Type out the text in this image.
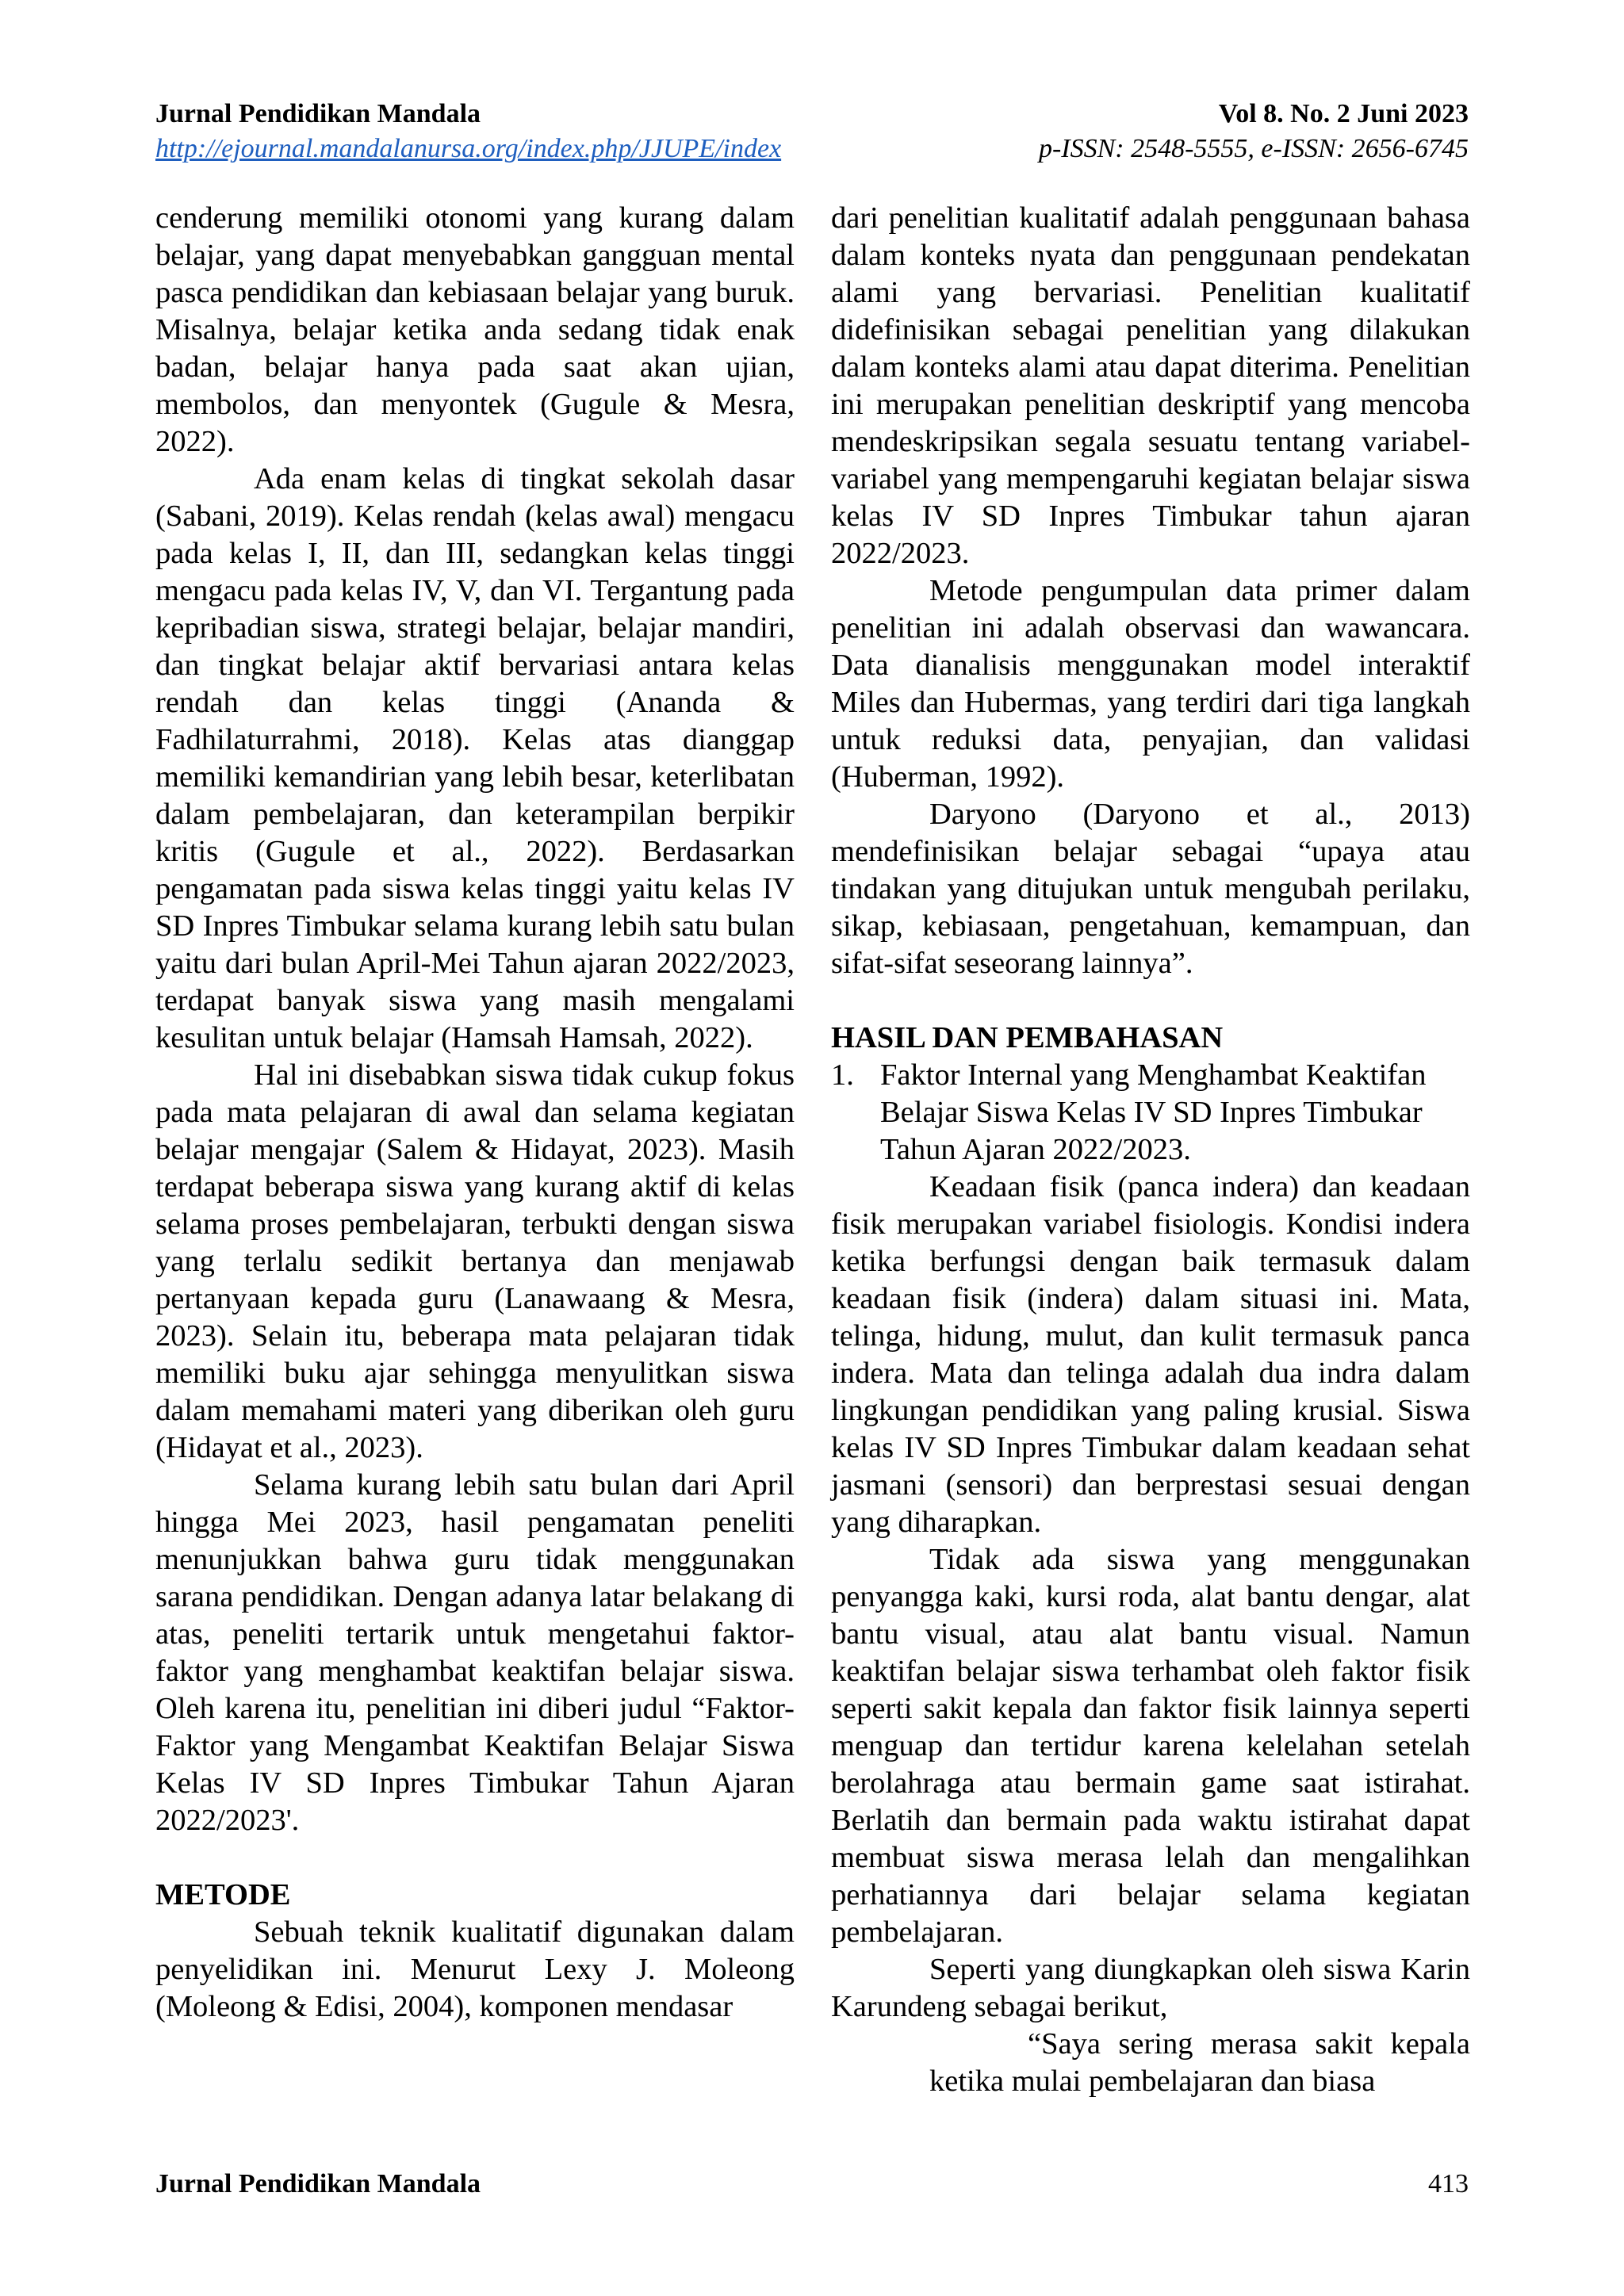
Jurnal Pendidikan Mandala	Vol 8. No. 2 Juni 2023
http://ejournal.mandalanursa.org/index.php/JJUPE/index	p-ISSN: 2548-5555, e-ISSN: 2656-6745

cenderung memiliki otonomi yang kurang dalam belajar, yang dapat menyebabkan gangguan mental pasca pendidikan dan kebiasaan belajar yang buruk. Misalnya, belajar ketika anda sedang tidak enak badan, belajar hanya pada saat akan ujian, membolos, dan menyontek (Gugule & Mesra, 2022).

Ada enam kelas di tingkat sekolah dasar (Sabani, 2019). Kelas rendah (kelas awal) mengacu pada kelas I, II, dan III, sedangkan kelas tinggi mengacu pada kelas IV, V, dan VI. Tergantung pada kepribadian siswa, strategi belajar, belajar mandiri, dan tingkat belajar aktif bervariasi antara kelas rendah dan kelas tinggi (Ananda & Fadhilaturrahmi, 2018). Kelas atas dianggap memiliki kemandirian yang lebih besar, keterlibatan dalam pembelajaran, dan keterampilan berpikir kritis (Gugule et al., 2022). Berdasarkan pengamatan pada siswa kelas tinggi yaitu kelas IV SD Inpres Timbukar selama kurang lebih satu bulan yaitu dari bulan April-Mei Tahun ajaran 2022/2023, terdapat banyak siswa yang masih mengalami kesulitan untuk belajar (Hamsah Hamsah, 2022).

Hal ini disebabkan siswa tidak cukup fokus pada mata pelajaran di awal dan selama kegiatan belajar mengajar (Salem & Hidayat, 2023). Masih terdapat beberapa siswa yang kurang aktif di kelas selama proses pembelajaran, terbukti dengan siswa yang terlalu sedikit bertanya dan menjawab pertanyaan kepada guru (Lanawaang & Mesra, 2023). Selain itu, beberapa mata pelajaran tidak memiliki buku ajar sehingga menyulitkan siswa dalam memahami materi yang diberikan oleh guru (Hidayat et al., 2023).

Selama kurang lebih satu bulan dari April hingga Mei 2023, hasil pengamatan peneliti menunjukkan bahwa guru tidak menggunakan sarana pendidikan. Dengan adanya latar belakang di atas, peneliti tertarik untuk mengetahui faktor-faktor yang menghambat keaktifan belajar siswa. Oleh karena itu, penelitian ini diberi judul “Faktor-Faktor yang Mengambat Keaktifan Belajar Siswa Kelas IV SD Inpres Timbukar Tahun Ajaran 2022/2023'.

METODE

Sebuah teknik kualitatif digunakan dalam penyelidikan ini. Menurut Lexy J. Moleong (Moleong & Edisi, 2004), komponen mendasar

dari penelitian kualitatif adalah penggunaan bahasa dalam konteks nyata dan penggunaan pendekatan alami yang bervariasi. Penelitian kualitatif didefinisikan sebagai penelitian yang dilakukan dalam konteks alami atau dapat diterima. Penelitian ini merupakan penelitian deskriptif yang mencoba mendeskripsikan segala sesuatu tentang variabel-variabel yang mempengaruhi kegiatan belajar siswa kelas IV SD Inpres Timbukar tahun ajaran 2022/2023.

Metode pengumpulan data primer dalam penelitian ini adalah observasi dan wawancara. Data dianalisis menggunakan model interaktif Miles dan Hubermas, yang terdiri dari tiga langkah untuk reduksi data, penyajian, dan validasi (Huberman, 1992).

Daryono (Daryono et al., 2013) mendefinisikan belajar sebagai “upaya atau tindakan yang ditujukan untuk mengubah perilaku, sikap, kebiasaan, pengetahuan, kemampuan, dan sifat-sifat seseorang lainnya”.

HASIL DAN PEMBAHASAN

1. Faktor Internal yang Menghambat Keaktifan Belajar Siswa Kelas IV SD Inpres Timbukar Tahun Ajaran 2022/2023.

Keadaan fisik (panca indera) dan keadaan fisik merupakan variabel fisiologis. Kondisi indera ketika berfungsi dengan baik termasuk dalam keadaan fisik (indera) dalam situasi ini. Mata, telinga, hidung, mulut, dan kulit termasuk panca indera. Mata dan telinga adalah dua indra dalam lingkungan pendidikan yang paling krusial. Siswa kelas IV SD Inpres Timbukar dalam keadaan sehat jasmani (sensori) dan berprestasi sesuai dengan yang diharapkan.

Tidak ada siswa yang menggunakan penyangga kaki, kursi roda, alat bantu dengar, alat bantu visual, atau alat bantu visual. Namun keaktifan belajar siswa terhambat oleh faktor fisik seperti sakit kepala dan faktor fisik lainnya seperti menguap dan tertidur karena kelelahan setelah berolahraga atau bermain game saat istirahat. Berlatih dan bermain pada waktu istirahat dapat membuat siswa merasa lelah dan mengalihkan perhatiannya dari belajar selama kegiatan pembelajaran.

Seperti yang diungkapkan oleh siswa Karin Karundeng sebagai berikut,

“Saya sering merasa sakit kepala ketika mulai pembelajaran dan biasa

Jurnal Pendidikan Mandala	413
